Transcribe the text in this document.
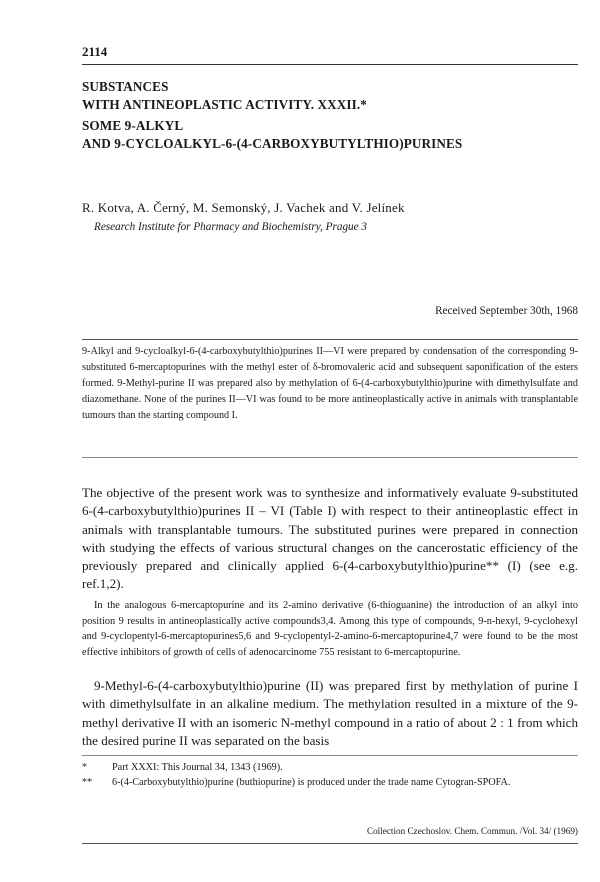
2114
SUBSTANCES
WITH ANTINEOPLASTIC ACTIVITY. XXXII.*
SOME 9-ALKYL
AND 9-CYCLOALKYL-6-(4-CARBOXYBUTYLTHIO)PURINES
R. Kotva, A. Černý, M. Semonský, J. Vachek and V. Jelínek
Research Institute for Pharmacy and Biochemistry, Prague 3
Received September 30th, 1968
9-Alkyl and 9-cycloalkyl-6-(4-carboxybutylthio)purines II—VI were prepared by condensation of the corresponding 9-substituted 6-mercaptopurines with the methyl ester of δ-bromovaleric acid and subsequent saponification of the esters formed. 9-Methyl-purine II was prepared also by methylation of 6-(4-carboxybutylthio)purine with dimethylsulfate and diazomethane. None of the purines II—VI was found to be more antineoplastically active in animals with transplantable tumours than the starting compound I.
The objective of the present work was to synthesize and informatively evaluate 9-substituted 6-(4-carboxybutylthio)purines II – VI (Table I) with respect to their antineoplastic effect in animals with transplantable tumours. The substituted purines were prepared in connection with studying the effects of various structural changes on the cancerostatic efficiency of the previously prepared and clinically applied 6-(4-carboxybutylthio)purine** (I) (see e.g. ref.1,2).
In the analogous 6-mercaptopurine and its 2-amino derivative (6-thioguanine) the introduction of an alkyl into position 9 results in antineoplastically active compounds3,4. Among this type of compounds, 9-n-hexyl, 9-cyclohexyl and 9-cyclopentyl-6-mercaptopurines5,6 and 9-cyclopentyl-2-amino-6-mercaptopurine4,7 were found to be the most effective inhibitors of growth of cells of adenocarcinome 755 resistant to 6-mercaptopurine.
9-Methyl-6-(4-carboxybutylthio)purine (II) was prepared first by methylation of purine I with dimethylsulfate in an alkaline medium. The methylation resulted in a mixture of the 9-methyl derivative II with an isomeric N-methyl compound in a ratio of about 2 : 1 from which the desired purine II was separated on the basis
*	Part XXXI: This Journal 34, 1343 (1969).
**	6-(4-Carboxybutylthio)purine (buthiopurine) is produced under the trade name Cytogran-SPOFA.
Collection Czechoslov. Chem. Commun. /Vol. 34/ (1969)
